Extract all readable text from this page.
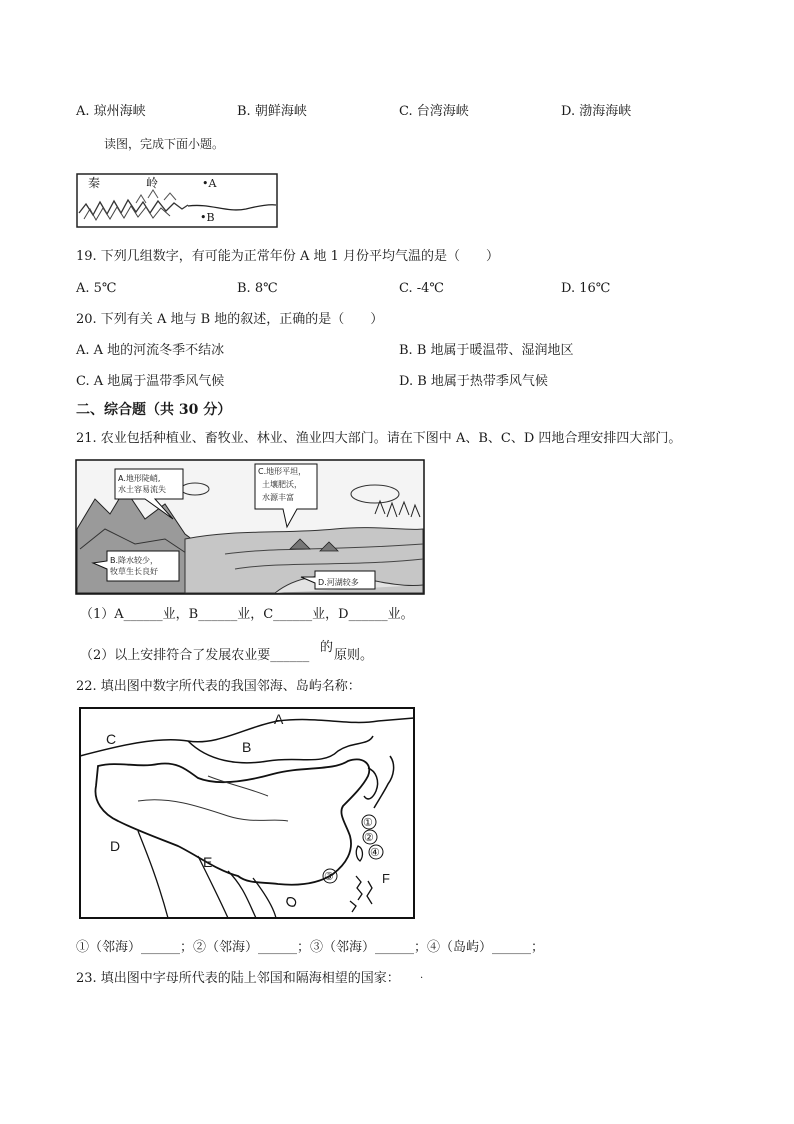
A. 琼州海峡	B. 朝鲜海峡	C. 台湾海峡	D. 渤海海峡
读图，完成下面小题。
秦	岭	•A
•B
19. 下列几组数字，有可能为正常年份 A 地 1 月份平均气温的是（　　）
A. 5℃	B. 8℃	C. -4℃	D. 16℃
20. 下列有关 A 地与 B 地的叙述，正确的是（　　）
A. A 地的河流冬季不结冰	B. B 地属于暖温带、湿润地区
C. A 地属于温带季风气候	D. B 地属于热带季风气候
二、综合题（共 30 分）
21. 农业包括种植业、畜牧业、林业、渔业四大部门。请在下图中 A、B、C、D 四地合理安排四大部门。
A.地形陡峭,
水土容易流失
C.地形平坦，
土壤肥沃，
水源丰富
B.降水较少，
牧草生长良好
D.河湖较多
（1）A______业，B______业，C______业，D______业。
（2）以上安排符合了发展农业要______
的
原则。
22. 填出图中数字所代表的我国邻海、岛屿名称：
A
B
C
D
E
F
①
②
④
③
①（邻海）______；②（邻海）______；③（邻海）______；④（岛屿）______；
23. 填出图中字母所代表的陆上邻国和隔海相望的国家： .
